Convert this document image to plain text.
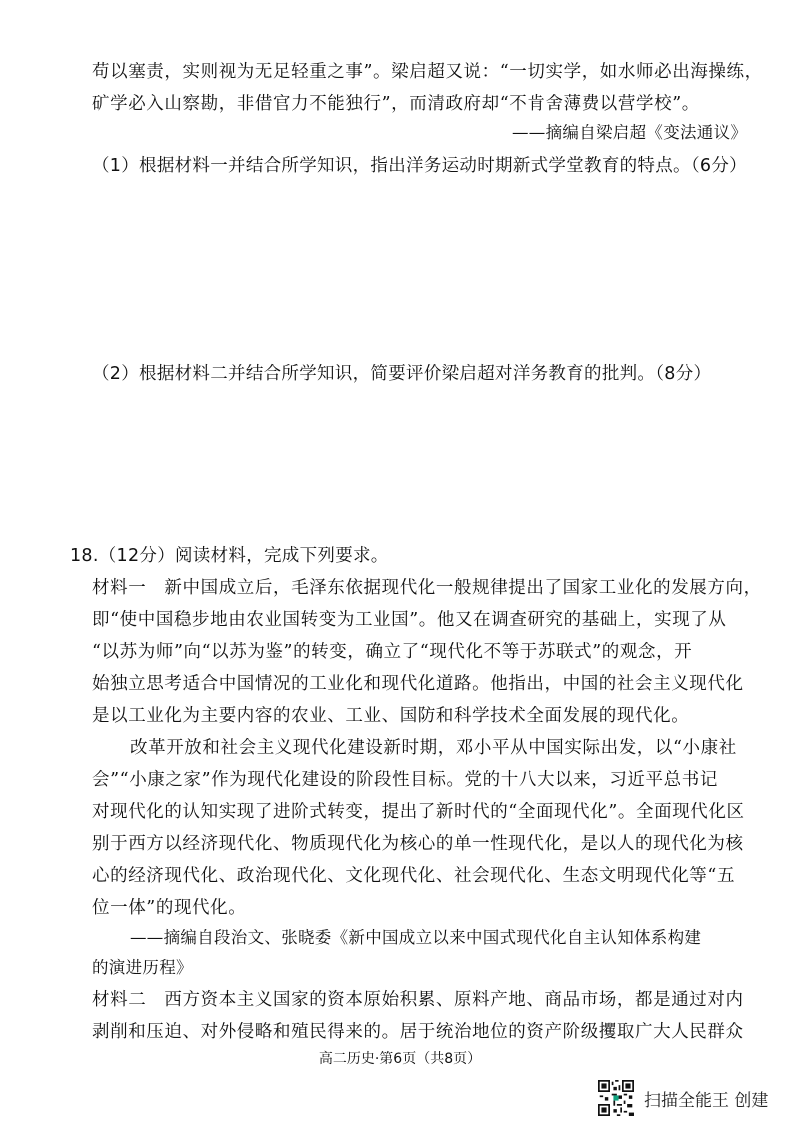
苟以塞责，实则视为无足轻重之事”。梁启超又说：“一切实学，如水师必出海操练，
矿学必入山察勘，非借官力不能独行”，而清政府却“不肯舍薄费以营学校”。
——摘编自梁启超《变法通议》
（1）根据材料一并结合所学知识，指出洋务运动时期新式学堂教育的特点。（6分）
（2）根据材料二并结合所学知识，简要评价梁启超对洋务教育的批判。（8分）
18.（12分）阅读材料，完成下列要求。
材料一　新中国成立后，毛泽东依据现代化一般规律提出了国家工业化的发展方向，
即“使中国稳步地由农业国转变为工业国”。他又在调查研究的基础上，实现了从
“以苏为师”向“以苏为鉴”的转变，确立了“现代化不等于苏联式”的观念，开
始独立思考适合中国情况的工业化和现代化道路。他指出，中国的社会主义现代化
是以工业化为主要内容的农业、工业、国防和科学技术全面发展的现代化。
改革开放和社会主义现代化建设新时期，邓小平从中国实际出发，以“小康社
会”“小康之家”作为现代化建设的阶段性目标。党的十八大以来，习近平总书记
对现代化的认知实现了进阶式转变，提出了新时代的“全面现代化”。全面现代化区
别于西方以经济现代化、物质现代化为核心的单一性现代化，是以人的现代化为核
心的经济现代化、政治现代化、文化现代化、社会现代化、生态文明现代化等“五
位一体”的现代化。
——摘编自段治文、张晓委《新中国成立以来中国式现代化自主认知体系构建
的演进历程》
材料二　西方资本主义国家的资本原始积累、原料产地、商品市场，都是通过对内
剥削和压迫、对外侵略和殖民得来的。居于统治地位的资产阶级攫取广大人民群众
高二历史·第6页（共8页）
扫描全能王 创建
